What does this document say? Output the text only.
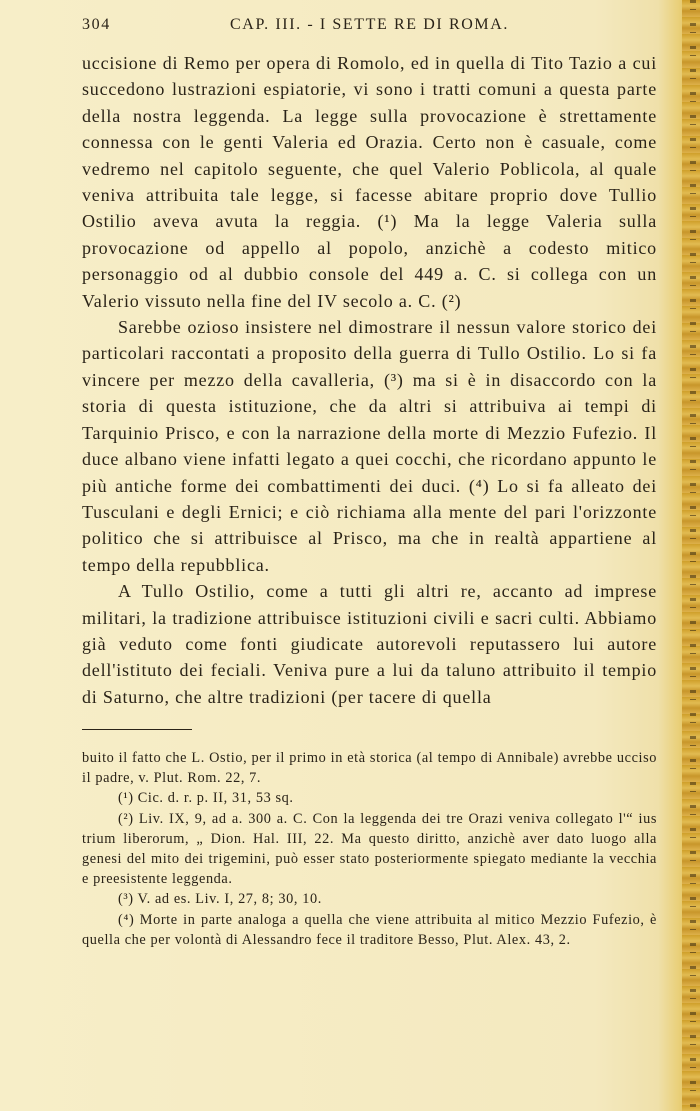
304	CAP. III. - I SETTE RE DI ROMA.

uccisione di Remo per opera di Romolo, ed in quella di Tito Tazio a cui succedono lustrazioni espiatorie, vi sono i tratti comuni a questa parte della nostra leggenda. La legge sulla provocazione è strettamente connessa con le genti Valeria ed Orazia. Certo non è casuale, come vedremo nel capitolo seguente, che quel Valerio Poblicola, al quale veniva attribuita tale legge, si facesse abitare proprio dove Tullio Ostilio aveva avuta la reggia. (¹) Ma la legge Valeria sulla provocazione od appello al popolo, anzichè a codesto mitico personaggio od al dubbio console del 449 a. C. si collega con un Valerio vissuto nella fine del IV secolo a. C. (²)

Sarebbe ozioso insistere nel dimostrare il nessun valore storico dei particolari raccontati a proposito della guerra di Tullo Ostilio. Lo si fa vincere per mezzo della cavalleria, (³) ma si è in disaccordo con la storia di questa istituzione, che da altri si attribuiva ai tempi di Tarquinio Prisco, e con la narrazione della morte di Mezzio Fufezio. Il duce albano viene infatti legato a quei cocchi, che ricordano appunto le più antiche forme dei combattimenti dei duci. (⁴) Lo si fa alleato dei Tusculani e degli Ernici; e ciò richiama alla mente del pari l'orizzonte politico che si attribuisce al Prisco, ma che in realtà appartiene al tempo della repubblica.

A Tullo Ostilio, come a tutti gli altri re, accanto ad imprese militari, la tradizione attribuisce istituzioni civili e sacri culti. Abbiamo già veduto come fonti giudicate autorevoli reputassero lui autore dell'istituto dei feciali. Veniva pure a lui da taluno attribuito il tempio di Saturno, che altre tradizioni (per tacere di quella

buito il fatto che L. Ostio, per il primo in età storica (al tempo di Annibale) avrebbe ucciso il padre, v. Plut. Rom. 22, 7.

(¹) Cic. d. r. p. II, 31, 53 sq.

(²) Liv. IX, 9, ad a. 300 a. C. Con la leggenda dei tre Orazi veniva collegato l'“ ius trium liberorum, „ Dion. Hal. III, 22. Ma questo diritto, anzichè aver dato luogo alla genesi del mito dei trigemini, può esser stato posteriormente spiegato mediante la vecchia e preesistente leggenda.

(³) V. ad es. Liv. I, 27, 8; 30, 10.

(⁴) Morte in parte analoga a quella che viene attribuita al mitico Mezzio Fufezio, è quella che per volontà di Alessandro fece il traditore Besso, Plut. Alex. 43, 2.
